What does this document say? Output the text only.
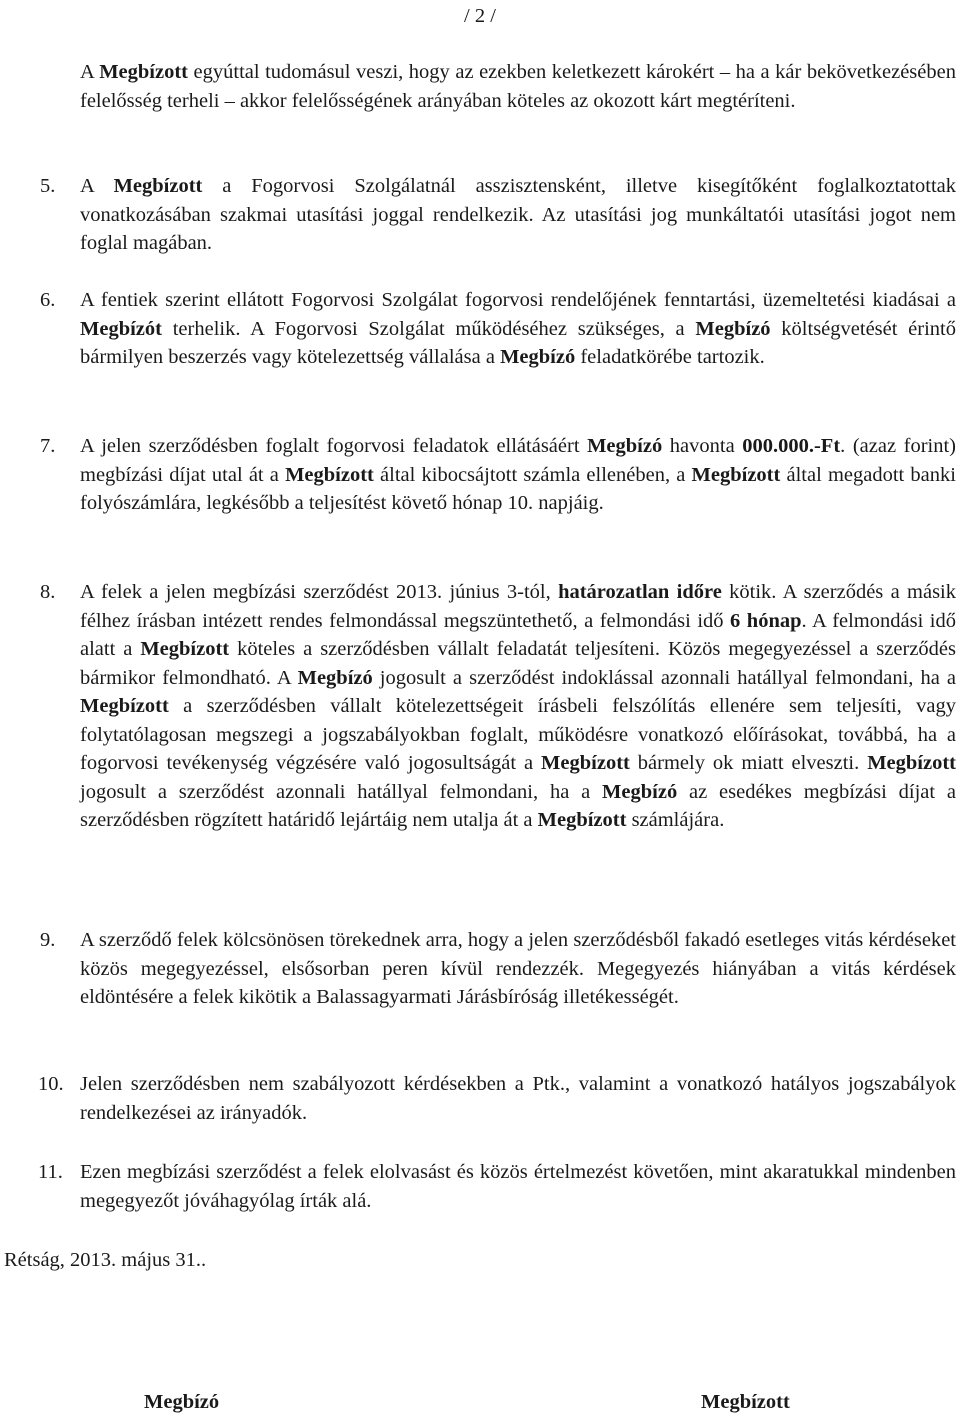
/ 2 /
A Megbízott egyúttal tudomásul veszi, hogy az ezekben keletkezett károkért – ha a kár bekövetkezésében felelősség terheli – akkor felelősségének arányában köteles az okozott kárt megtéríteni.
5.	A Megbízott a Fogorvosi Szolgálatnál asszisztensként, illetve kisegítőként foglalkoztatottak vonatkozásában szakmai utasítási joggal rendelkezik. Az utasítási jog munkáltatói utasítási jogot nem foglal magában.
6.	A fentiek szerint ellátott Fogorvosi Szolgálat fogorvosi rendelőjének fenntartási, üzemeltetési kiadásai a Megbízót terhelik. A Fogorvosi Szolgálat működéséhez szükséges, a Megbízó költségvetését érintő bármilyen beszerzés vagy kötelezettség vállalása a Megbízó feladatkörébe tartozik.
7.	A jelen szerződésben foglalt fogorvosi feladatok ellátásáért Megbízó havonta 000.000.-Ft. (azaz forint) megbízási díjat utal át a Megbízott által kibocsájtott számla ellenében, a Megbízott által megadott banki folyószámlára, legkésőbb a teljesítést követő hónap 10. napjáig.
8.	A felek a jelen megbízási szerződést 2013. június 3-tól, határozatlan időre kötik. A szerződés a másik félhez írásban intézett rendes felmondással megszüntethető, a felmondási idő 6 hónap. A felmondási idő alatt a Megbízott köteles a szerződésben vállalt feladatát teljesíteni. Közös megegyezéssel a szerződés bármikor felmondható. A Megbízó jogosult a szerződést indoklással azonnali hatállyal felmondani, ha a Megbízott a szerződésben vállalt kötelezettségeit írásbeli felszólítás ellenére sem teljesíti, vagy folytatólagosan megszegi a jogszabályokban foglalt, működésre vonatkozó előírásokat, továbbá, ha a fogorvosi tevékenység végzésére való jogosultságát a Megbízott bármely ok miatt elveszti. Megbízott jogosult a szerződést azonnali hatállyal felmondani, ha a Megbízó az esedékes megbízási díjat a szerződésben rögzített határidő lejártáig nem utalja át a Megbízott számlájára.
9.	A szerződő felek kölcsönösen törekednek arra, hogy a jelen szerződésből fakadó esetleges vitás kérdéseket közös megegyezéssel, elsősorban peren kívül rendezzék. Megegyezés hiányában a vitás kérdések eldöntésére a felek kikötik a Balassagyarmati Járásbíróság illetékességét.
10. Jelen szerződésben nem szabályozott kérdésekben a Ptk., valamint a vonatkozó hatályos jogszabályok rendelkezései az irányadók.
11. Ezen megbízási szerződést a felek elolvasást és közös értelmezést követően, mint akaratukkal mindenben megegyezőt jóváhagyólag írták alá.
Rétság, 2013. május 31..
Megbízó	Megbízott
